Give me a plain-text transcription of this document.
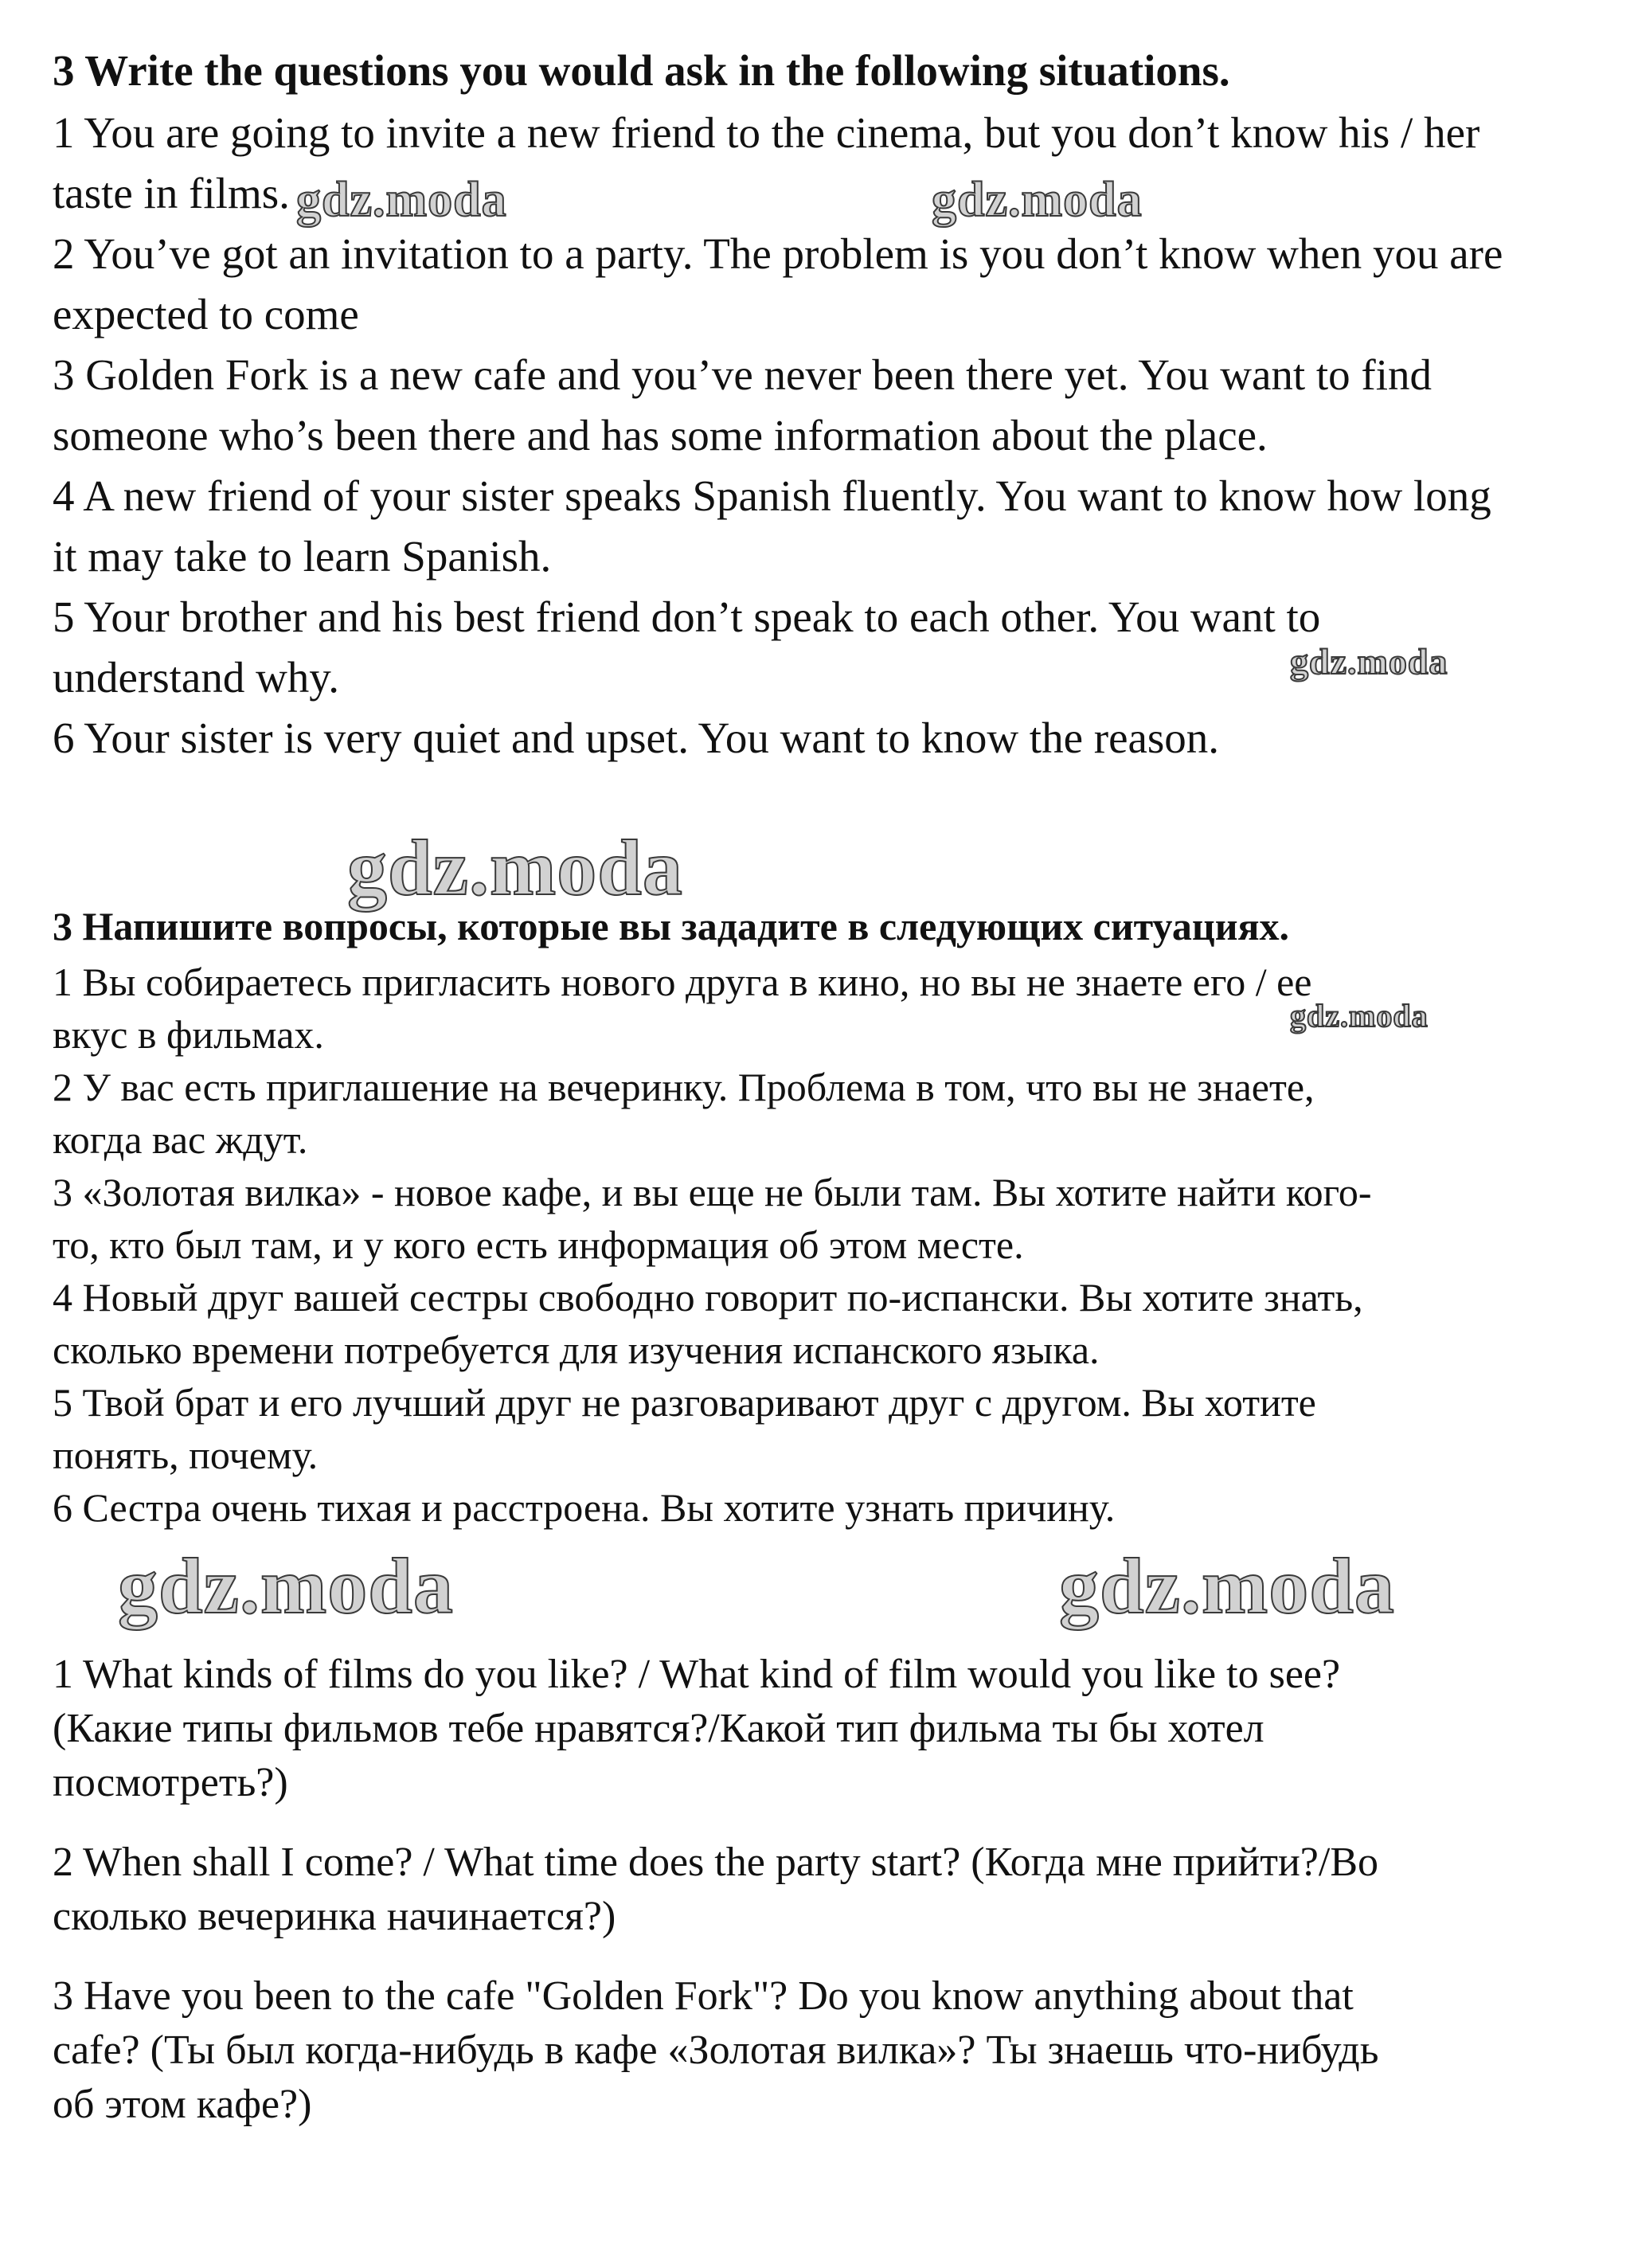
3 Write the questions you would ask in the following situations.
1 You are going to invite a new friend to the cinema, but you don’t know his / her
taste in films.
2 You’ve got an invitation to a party. The problem is you don’t know when you are
expected to come
3 Golden Fork is a new cafe and you’ve never been there yet. You want to find
someone who’s been there and has some information about the place.
4 A new friend of your sister speaks Spanish fluently. You want to know how long
it may take to learn Spanish.
5 Your brother and his best friend don’t speak to each other. You want to
understand why.
6 Your sister is very quiet and upset. You want to know the reason.
3 Напишите вопросы, которые вы зададите в следующих ситуациях.
1 Вы собираетесь пригласить нового друга в кино, но вы не знаете его / ее
вкус в фильмах.
2 У вас есть приглашение на вечеринку. Проблема в том, что вы не знаете,
когда вас ждут.
3 «Золотая вилка» - новое кафе, и вы еще не были там. Вы хотите найти кого-
то, кто был там, и у кого есть информация об этом месте.
4 Новый друг вашей сестры свободно говорит по-испански. Вы хотите знать,
сколько времени потребуется для изучения испанского языка.
5 Твой брат и его лучший друг не разговаривают друг с другом. Вы хотите
понять, почему.
6 Сестра очень тихая и расстроена. Вы хотите узнать причину.
1 What kinds of films do you like? / What kind of film would you like to see?
(Какие типы фильмов тебе нравятся?/Какой тип фильма ты бы хотел
посмотреть?)
2 When shall I come? / What time does the party start? (Когда мне прийти?/Во
сколько вечеринка начинается?)
3 Have you been to the cafe "Golden Fork"? Do you know anything about that
cafe? (Ты был когда-нибудь в кафе «Золотая вилка»? Ты знаешь что-нибудь
об этом кафе?)
gdz.moda	gdz.moda
gdz.moda
gdz.moda
gdz.moda
gdz.moda	gdz.moda
